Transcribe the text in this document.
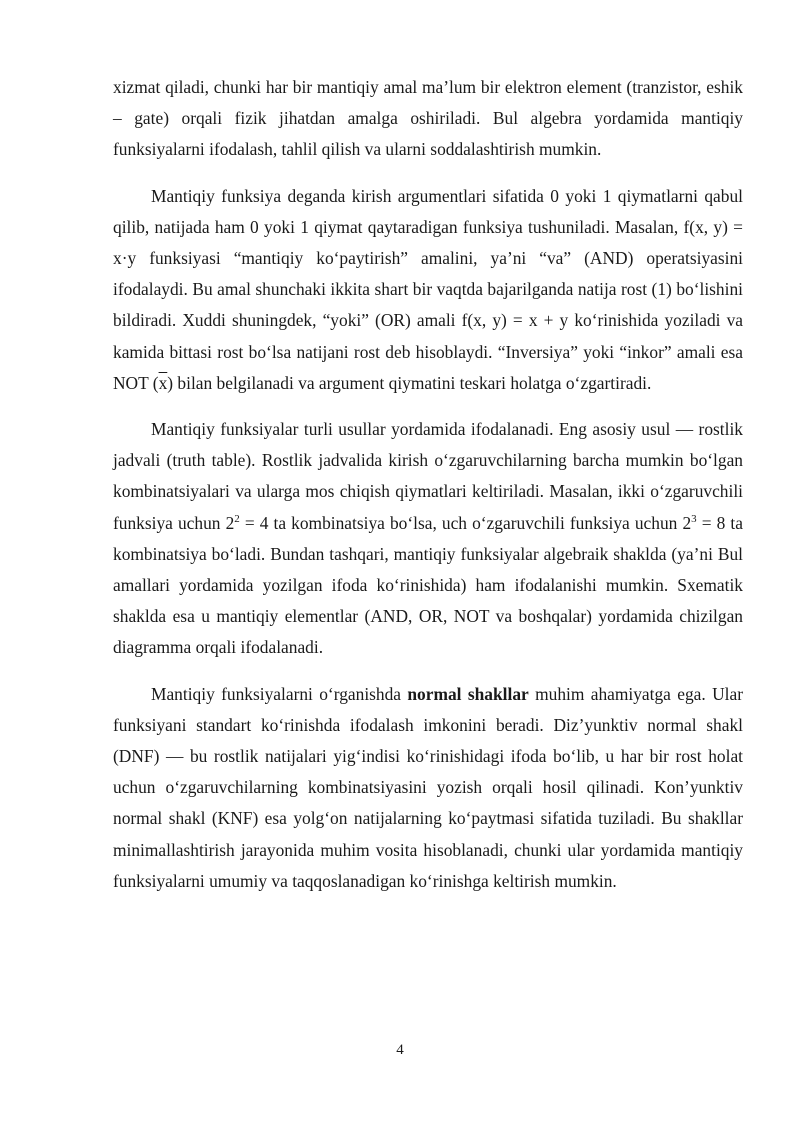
xizmat qiladi, chunki har bir mantiqiy amal ma’lum bir elektron element (tranzistor, eshik – gate) orqali fizik jihatdan amalga oshiriladi. Bul algebra yordamida mantiqiy funksiyalarni ifodalash, tahlil qilish va ularni soddalashtirish mumkin.

Mantiqiy funksiya deganda kirish argumentlari sifatida 0 yoki 1 qiymatlarni qabul qilib, natijada ham 0 yoki 1 qiymat qaytaradigan funksiya tushuniladi. Masalan, f(x, y) = x·y funksiyasi “mantiqiy ko‘paytirish” amalini, ya’ni “va” (AND) operatsiyasini ifodalaydi. Bu amal shunchaki ikkita shart bir vaqtda bajarilganda natija rost (1) bo‘lishini bildiradi. Xuddi shuningdek, “yoki” (OR) amali f(x, y) = x + y ko‘rinishida yoziladi va kamida bittasi rost bo‘lsa natijani rost deb hisoblaydi. “Inversiya” yoki “inkor” amali esa NOT $(\overline{x})$ bilan belgilanadi va argument qiymatini teskari holatga o‘zgartiradi.

Mantiqiy funksiyalar turli usullar yordamida ifodalanadi. Eng asosiy usul — rostlik jadvali (truth table). Rostlik jadvalida kirish o‘zgaruvchilarning barcha mumkin bo‘lgan kombinatsiyalari va ularga mos chiqish qiymatlari keltiriladi. Masalan, ikki o‘zgaruvchili funksiya uchun $2^2 = 4$ ta kombinatsiya bo‘lsa, uch o‘zgaruvchili funksiya uchun $2^3 = 8$ ta kombinatsiya bo‘ladi. Bundan tashqari, mantiqiy funksiyalar algebraik shaklda (ya’ni Bul amallari yordamida yozilgan ifoda ko‘rinishida) ham ifodalanishi mumkin. Sxematik shaklda esa u mantiqiy elementlar (AND, OR, NOT va boshqalar) yordamida chizilgan diagramma orqali ifodalanadi.

Mantiqiy funksiyalarni o‘rganishda normal shakllar muhim ahamiyatga ega. Ular funksiyani standart ko‘rinishda ifodalash imkonini beradi. Diz’yunktiv normal shakl (DNF) — bu rostlik natijalari yig‘indisi ko‘rinishidagi ifoda bo‘lib, u har bir rost holat uchun o‘zgaruvchilarning kombinatsiyasini yozish orqali hosil qilinadi. Kon’yunktiv normal shakl (KNF) esa yolg‘on natijalarning ko‘paytmasi sifatida tuziladi. Bu shakllar minimallashtirish jarayonida muhim vosita hisoblanadi, chunki ular yordamida mantiqiy funksiyalarni umumiy va taqqoslanadigan ko‘rinishga keltirish mumkin.

4
